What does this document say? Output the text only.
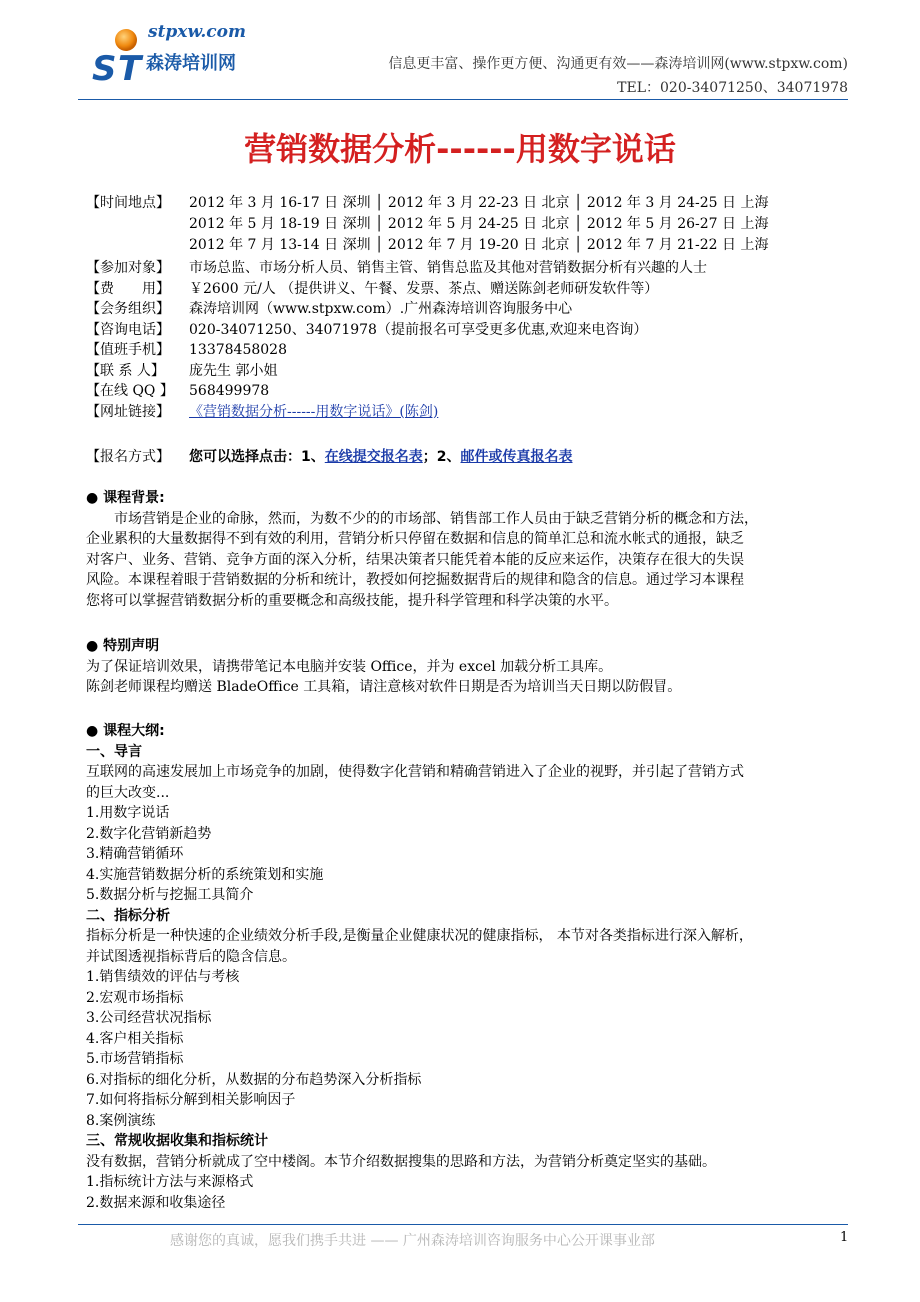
S T
stpxw.com
森涛培训网	信息更丰富、操作更方便、沟通更有效——森涛培训网(www.stpxw.com)
TEL：020-34071250、34071978
营销数据分析------用数字说话
【时间地点】	2012 年 3 月 16-17 日 深圳 │ 2012 年 3 月 22-23 日 北京 │ 2012 年 3 月 24-25 日 上海
2012 年 5 月 18-19 日 深圳 │ 2012 年 5 月 24-25 日 北京 │ 2012 年 5 月 26-27 日 上海
2012 年 7 月 13-14 日 深圳 │ 2012 年 7 月 19-20 日 北京 │ 2012 年 7 月 21-22 日 上海
【参加对象】	市场总监、市场分析人员、销售主管、销售总监及其他对营销数据分析有兴趣的人士
【费　　用】	￥2600 元/人 （提供讲义、午餐、发票、茶点、赠送陈剑老师研发软件等）
【会务组织】	森涛培训网（www.stpxw.com）.广州森涛培训咨询服务中心
【咨询电话】	020-34071250、34071978（提前报名可享受更多优惠,欢迎来电咨询）
【值班手机】	13378458028
【联 系 人】	庞先生 郭小姐
【在线 QQ 】	568499978
【网址链接】	《营销数据分析------用数字说话》(陈剑)
【报名方式】	您可以选择点击：1、在线提交报名表；2、邮件或传真报名表
● 课程背景:
市场营销是企业的命脉，然而，为数不少的的市场部、销售部工作人员由于缺乏营销分析的概念和方法，
企业累积的大量数据得不到有效的利用，营销分析只停留在数据和信息的简单汇总和流水帐式的通报，缺乏
对客户、业务、营销、竞争方面的深入分析，结果决策者只能凭着本能的反应来运作，决策存在很大的失误
风险。本课程着眼于营销数据的分析和统计，教授如何挖掘数据背后的规律和隐含的信息。通过学习本课程
您将可以掌握营销数据分析的重要概念和高级技能，提升科学管理和科学决策的水平。
● 特别声明
为了保证培训效果，请携带笔记本电脑并安装 Office，并为 excel 加载分析工具库。
陈剑老师课程均赠送 BladeOffice 工具箱，请注意核对软件日期是否为培训当天日期以防假冒。
● 课程大纲:
一、导言
互联网的高速发展加上市场竞争的加剧，使得数字化营销和精确营销进入了企业的视野，并引起了营销方式
的巨大改变...
1.用数字说话
2.数字化营销新趋势
3.精确营销循环
4.实施营销数据分析的系统策划和实施
5.数据分析与挖掘工具简介
二、指标分析
指标分析是一种快速的企业绩效分析手段,是衡量企业健康状况的健康指标， 本节对各类指标进行深入解析，
并试图透视指标背后的隐含信息。
1.销售绩效的评估与考核
2.宏观市场指标
3.公司经营状况指标
4.客户相关指标
5.市场营销指标
6.对指标的细化分析，从数据的分布趋势深入分析指标
7.如何将指标分解到相关影响因子
8.案例演练
三、常规收据收集和指标统计
没有数据，营销分析就成了空中楼阁。本节介绍数据搜集的思路和方法，为营销分析奠定坚实的基础。
1.指标统计方法与来源格式
2.数据来源和收集途径
感谢您的真诚，愿我们携手共进 —— 广州森涛培训咨询服务中心公开课事业部	1
